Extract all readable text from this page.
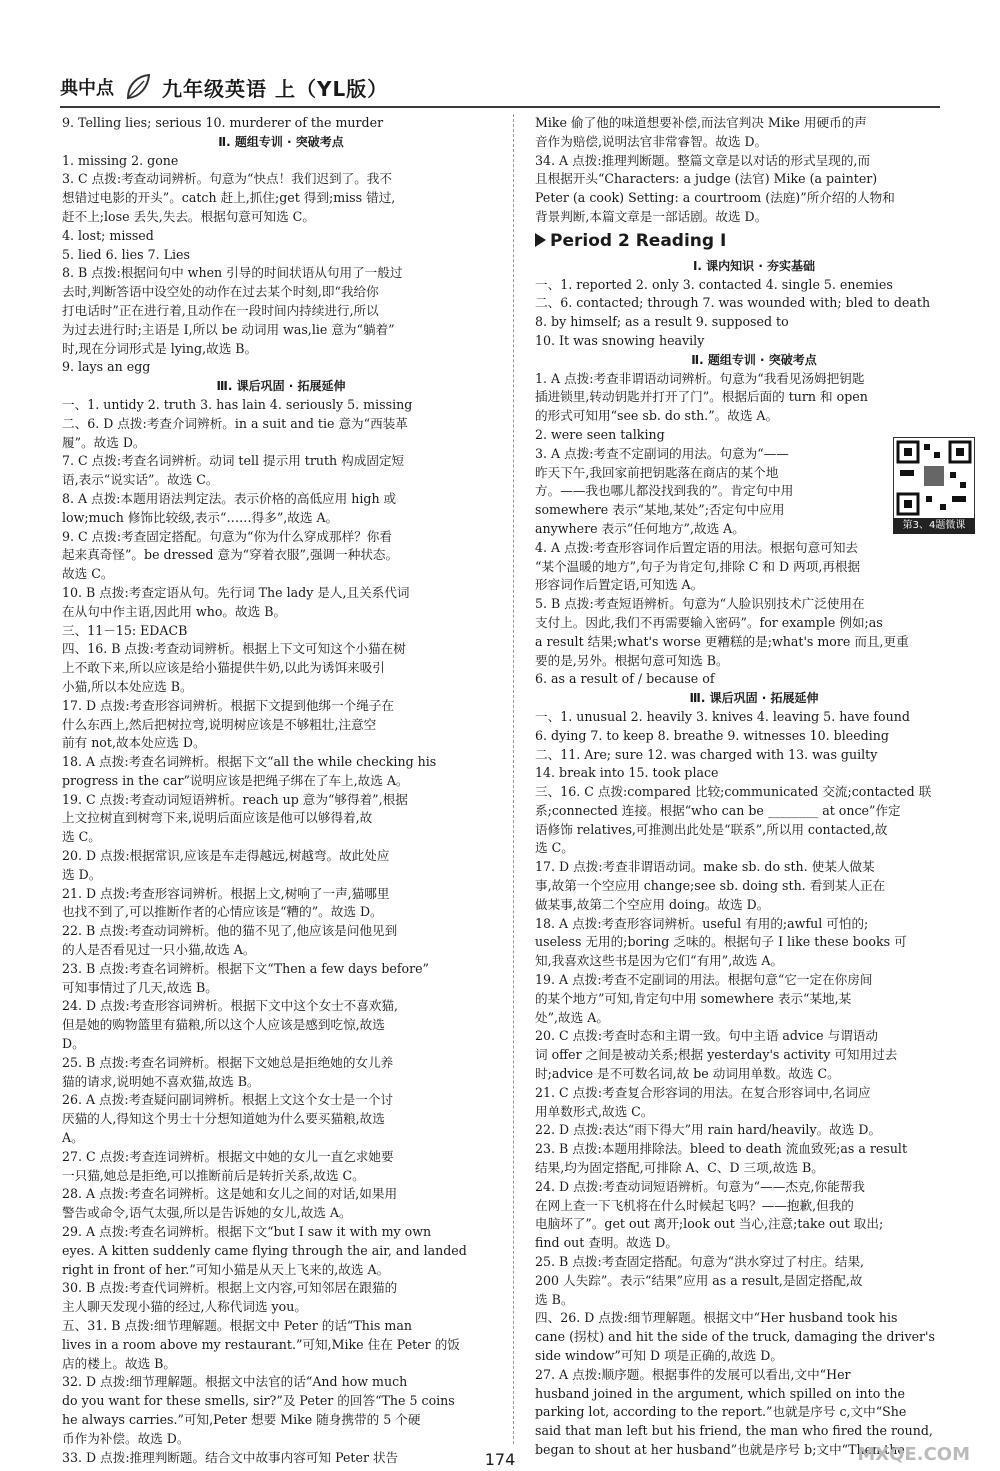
典中点 九年级英语 上（YL版）
9. Telling lies; serious 10. murderer of the murder
Ⅱ. 题组专训 · 突破考点
1. missing 2. gone
3. C 点拨:考查动词辨析。句意为“快点！我们迟到了。我不
想错过电影的开头”。catch 赶上,抓住;get 得到;miss 错过,
赶不上;lose 丢失,失去。根据句意可知选 C。
4. lost; missed
5. lied 6. lies 7. Lies
8. B 点拨:根据问句中 when 引导的时间状语从句用了一般过
去时,判断答语中设空处的动作在过去某个时刻,即“我给你
打电话时”正在进行着,且动作在一段时间内持续进行,所以
为过去进行时;主语是 I,所以 be 动词用 was,lie 意为“躺着”
时,现在分词形式是 lying,故选 B。
9. lays an egg
Ⅲ. 课后巩固 · 拓展延伸
一、1. untidy 2. truth 3. has lain 4. seriously 5. missing
二、6. D 点拨:考查介词辨析。in a suit and tie 意为“西装革
履”。故选 D。
7. C 点拨:考查名词辨析。动词 tell 提示用 truth 构成固定短
语,表示“说实话”。故选 C。
8. A 点拨:本题用语法判定法。表示价格的高低应用 high 或
low;much 修饰比较级,表示“……得多”,故选 A。
9. C 点拨:考查固定搭配。句意为“你为什么穿成那样？你看
起来真奇怪”。be dressed 意为“穿着衣服”,强调一种状态。
故选 C。
10. B 点拨:考查定语从句。先行词 The lady 是人,且关系代词
在从句中作主语,因此用 who。故选 B。
三、11－15: EDACB
四、16. B 点拨:考查动词辨析。根据上下文可知这个小猫在树
上不敢下来,所以应该是给小猫提供牛奶,以此为诱饵来吸引
小猫,所以本处应选 B。
17. D 点拨:考查形容词辨析。根据下文提到他绑一个绳子在
什么东西上,然后把树拉弯,说明树应该是不够粗壮,注意空
前有 not,故本处应选 D。
18. A 点拨:考查名词辨析。根据下文“all the while checking his
progress in the car”说明应该是把绳子绑在了车上,故选 A。
19. C 点拨:考查动词短语辨析。reach up 意为“够得着”,根据
上文拉树直到树弯下来,说明后面应该是他可以够得着,故
选 C。
20. D 点拨:根据常识,应该是车走得越远,树越弯。故此处应
选 D。
21. D 点拨:考查形容词辨析。根据上文,树响了一声,猫哪里
也找不到了,可以推断作者的心情应该是“糟的”。故选 D。
22. B 点拨:考查动词辨析。他的猫不见了,他应该是问他见到
的人是否看见过一只小猫,故选 A。
23. B 点拨:考查名词辨析。根据下文“Then a few days before”
可知事情过了几天,故选 B。
24. D 点拨:考查形容词辨析。根据下文中这个女士不喜欢猫,
但是她的购物篮里有猫粮,所以这个人应该是感到吃惊,故选
D。
25. B 点拨:考查名词辨析。根据下文她总是拒绝她的女儿养
猫的请求,说明她不喜欢猫,故选 B。
26. A 点拨:考查疑问副词辨析。根据上文这个女士是一个讨
厌猫的人,得知这个男士十分想知道她为什么要买猫粮,故选
A。
27. C 点拨:考查连词辨析。根据文中她的女儿一直乞求她要
一只猫,她总是拒绝,可以推断前后是转折关系,故选 C。
28. A 点拨:考查名词辨析。这是她和女儿之间的对话,如果用
警告或命令,语气太强,所以是告诉她的女儿,故选 A。
29. A 点拨:考查名词辨析。根据下文“but I saw it with my own
eyes. A kitten suddenly came flying through the air, and landed
right in front of her.”可知小猫是从天上飞来的,故选 A。
30. B 点拨:考查代词辨析。根据上文内容,可知邻居在跟猫的
主人聊天发现小猫的经过,人称代词选 you。
五、31. B 点拨:细节理解题。根据文中 Peter 的话“This man
lives in a room above my restaurant.”可知,Mike 住在 Peter 的饭
店的楼上。故选 B。
32. D 点拨:细节理解题。根据文中法官的话“And how much
do you want for these smells, sir?”及 Peter 的回答“The 5 coins
he always carries.”可知,Peter 想要 Mike 随身携带的 5 个硬
币作为补偿。故选 D。
33. D 点拨:推理判断题。结合文中故事内容可知 Peter 状告
Mike 偷了他的味道想要补偿,而法官判决 Mike 用硬币的声
音作为赔偿,说明法官非常睿智。故选 D。
34. A 点拨:推理判断题。整篇文章是以对话的形式呈现的,而
且根据开头“Characters: a judge (法官) Mike (a painter)
Peter (a cook) Setting: a courtroom (法庭)”所介绍的人物和
背景判断,本篇文章是一部话剧。故选 D。
Period 2 Reading Ⅰ
Ⅰ. 课内知识 · 夯实基础
一、1. reported 2. only 3. contacted 4. single 5. enemies
二、6. contacted; through 7. was wounded with; bled to death
8. by himself; as a result 9. supposed to
10. It was snowing heavily
Ⅱ. 题组专训 · 突破考点
1. A 点拨:考查非谓语动词辨析。句意为“我看见汤姆把钥匙
插进锁里,转动钥匙并打开了门”。根据后面的 turn 和 open
的形式可知用“see sb. do sth.”。故选 A。
2. were seen talking
3. A 点拨:考查不定副词的用法。句意为“——
昨天下午,我回家前把钥匙落在商店的某个地
方。——我也哪儿都没找到我的”。肯定句中用
somewhere 表示“某地,某处”;否定句中应用
anywhere 表示“任何地方”,故选 A。
4. A 点拨:考查形容词作后置定语的用法。根据句意可知去
“某个温暖的地方”,句子为肯定句,排除 C 和 D 两项,再根据
形容词作后置定语,可知选 A。
5. B 点拨:考查短语辨析。句意为“人脸识别技术广泛使用在
支付上。因此,我们不再需要输入密码”。for example 例如;as
a result 结果;what's worse 更糟糕的是;what's more 而且,更重
要的是,另外。根据句意可知选 B。
6. as a result of / because of
Ⅲ. 课后巩固 · 拓展延伸
一、1. unusual 2. heavily 3. knives 4. leaving 5. have found
6. dying 7. to keep 8. breathe 9. witnesses 10. bleeding
二、11. Are; sure 12. was charged with 13. was guilty
14. break into 15. took place
三、16. C 点拨:compared 比较;communicated 交流;contacted 联
系;connected 连接。根据“who can be ________ at once”作定
语修饰 relatives,可推测出此处是“联系”,所以用 contacted,故
选 C。
17. D 点拨:考查非谓语动词。make sb. do sth. 使某人做某
事,故第一个空应用 change;see sb. doing sth. 看到某人正在
做某事,故第二个空应用 doing。故选 D。
18. A 点拨:考查形容词辨析。useful 有用的;awful 可怕的;
useless 无用的;boring 乏味的。根据句子 I like these books 可
知,我喜欢这些书是因为它们“有用”,故选 A。
19. A 点拨:考查不定副词的用法。根据句意“它一定在你房间
的某个地方”可知,肯定句中用 somewhere 表示“某地,某
处”,故选 A。
20. C 点拨:考查时态和主谓一致。句中主语 advice 与谓语动
词 offer 之间是被动关系;根据 yesterday's activity 可知用过去
时;advice 是不可数名词,故 be 动词用单数。故选 C。
21. C 点拨:考查复合形容词的用法。在复合形容词中,名词应
用单数形式,故选 C。
22. D 点拨:表达“雨下得大”用 rain hard/heavily。故选 D。
23. B 点拨:本题用排除法。bleed to death 流血致死;as a result
结果,均为固定搭配,可排除 A、C、D 三项,故选 B。
24. D 点拨:考查动词短语辨析。句意为“——杰克,你能帮我
在网上查一下飞机将在什么时候起飞吗？——抱歉,但我的
电脑坏了”。get out 离开;look out 当心,注意;take out 取出;
find out 查明。故选 D。
25. B 点拨:考查固定搭配。句意为“洪水穿过了村庄。结果,
200 人失踪”。表示“结果”应用 as a result,是固定搭配,故
选 B。
四、26. D 点拨:细节理解题。根据文中“Her husband took his
cane (拐杖) and hit the side of the truck, damaging the driver's
side window”可知 D 项是正确的,故选 D。
27. A 点拨:顺序题。根据事件的发展可以看出,文中“Her
husband joined in the argument, which spilled on into the
parking lot, according to the report.”也就是序号 c,文中“She
said that man left but his friend, the man who fired the round,
began to shout at her husband”也就是序号 b;文中“Then the
第3、4题微课
174	MXQE.COM
